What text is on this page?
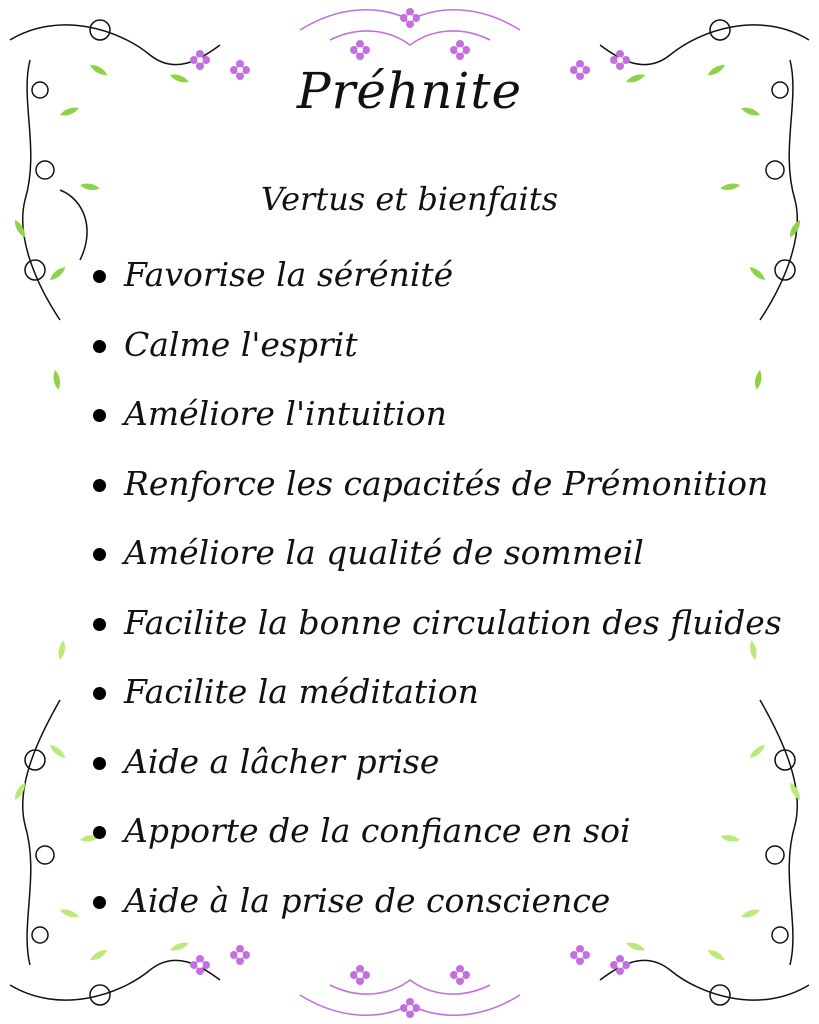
Préhnite
Vertus et bienfaits
Favorise la sérénité
Calme l'esprit
Améliore l'intuition
Renforce les capacités de Prémonition
Améliore la qualité de sommeil
Facilite la bonne circulation des fluides
Facilite la méditation
Aide a lâcher prise
Apporte de la confiance en soi
Aide à la prise de conscience
